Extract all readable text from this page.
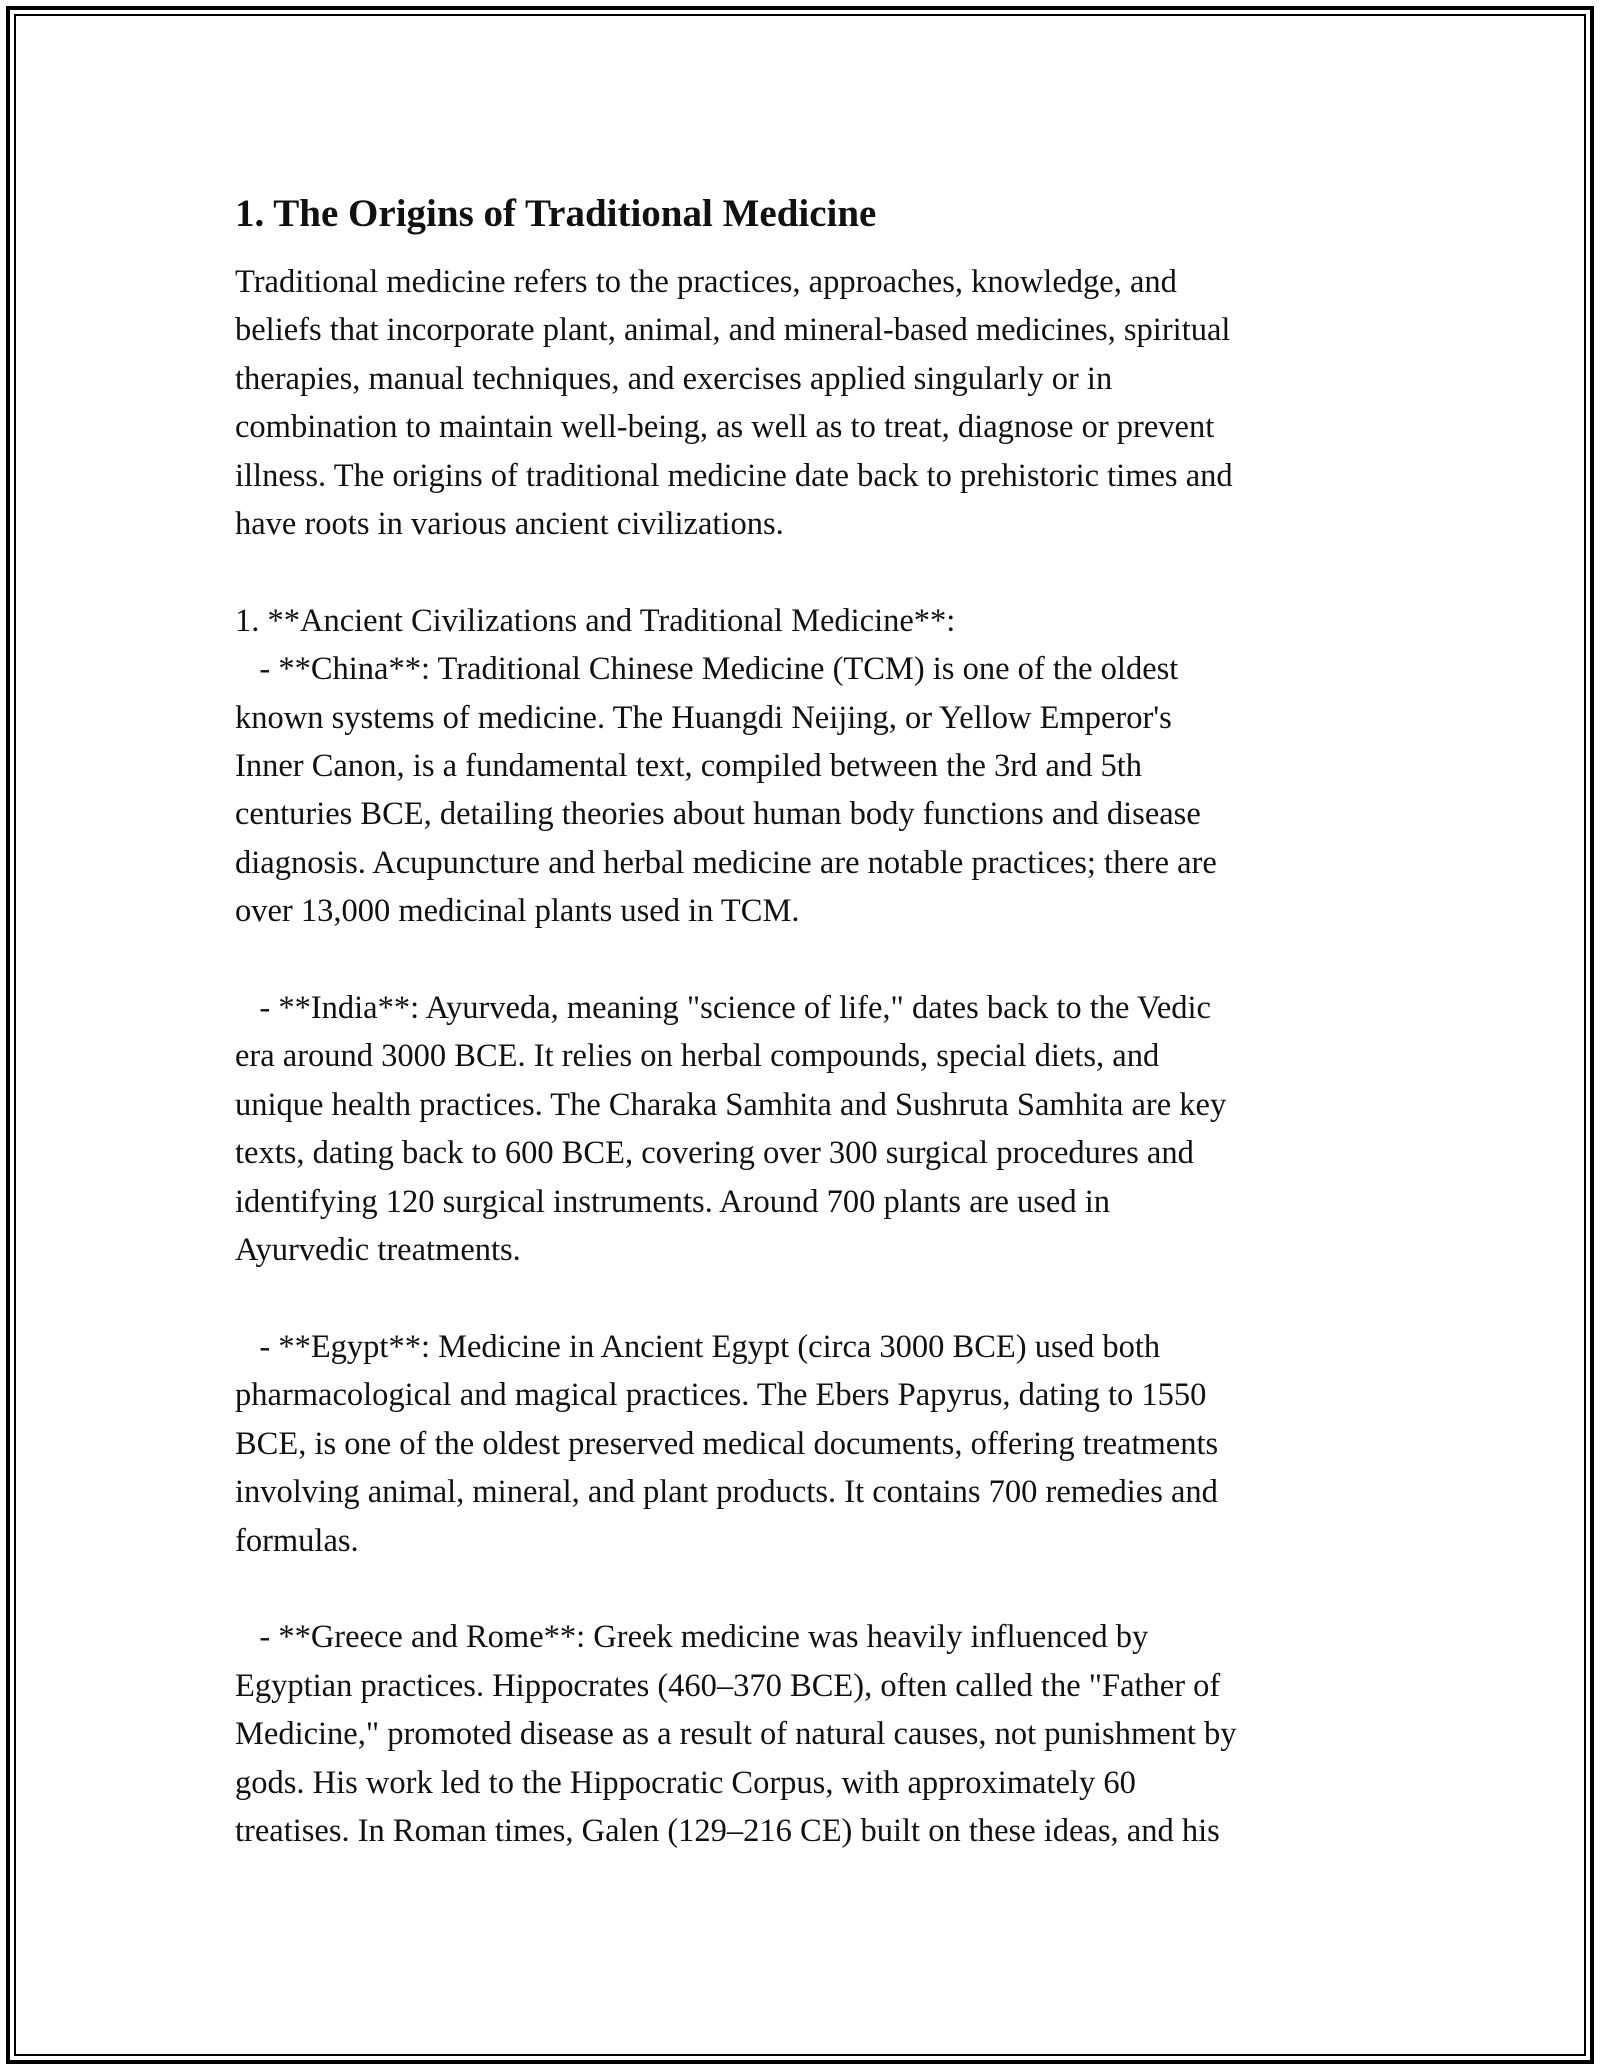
1. The Origins of Traditional Medicine

Traditional medicine refers to the practices, approaches, knowledge, and
beliefs that incorporate plant, animal, and mineral-based medicines, spiritual
therapies, manual techniques, and exercises applied singularly or in
combination to maintain well-being, as well as to treat, diagnose or prevent
illness. The origins of traditional medicine date back to prehistoric times and
have roots in various ancient civilizations.

1. **Ancient Civilizations and Traditional Medicine**:
- **China**: Traditional Chinese Medicine (TCM) is one of the oldest
known systems of medicine. The Huangdi Neijing, or Yellow Emperor's
Inner Canon, is a fundamental text, compiled between the 3rd and 5th
centuries BCE, detailing theories about human body functions and disease
diagnosis. Acupuncture and herbal medicine are notable practices; there are
over 13,000 medicinal plants used in TCM.

- **India**: Ayurveda, meaning "science of life," dates back to the Vedic
era around 3000 BCE. It relies on herbal compounds, special diets, and
unique health practices. The Charaka Samhita and Sushruta Samhita are key
texts, dating back to 600 BCE, covering over 300 surgical procedures and
identifying 120 surgical instruments. Around 700 plants are used in
Ayurvedic treatments.

- **Egypt**: Medicine in Ancient Egypt (circa 3000 BCE) used both
pharmacological and magical practices. The Ebers Papyrus, dating to 1550
BCE, is one of the oldest preserved medical documents, offering treatments
involving animal, mineral, and plant products. It contains 700 remedies and
formulas.

- **Greece and Rome**: Greek medicine was heavily influenced by
Egyptian practices. Hippocrates (460–370 BCE), often called the "Father of
Medicine," promoted disease as a result of natural causes, not punishment by
gods. His work led to the Hippocratic Corpus, with approximately 60
treatises. In Roman times, Galen (129–216 CE) built on these ideas, and his
